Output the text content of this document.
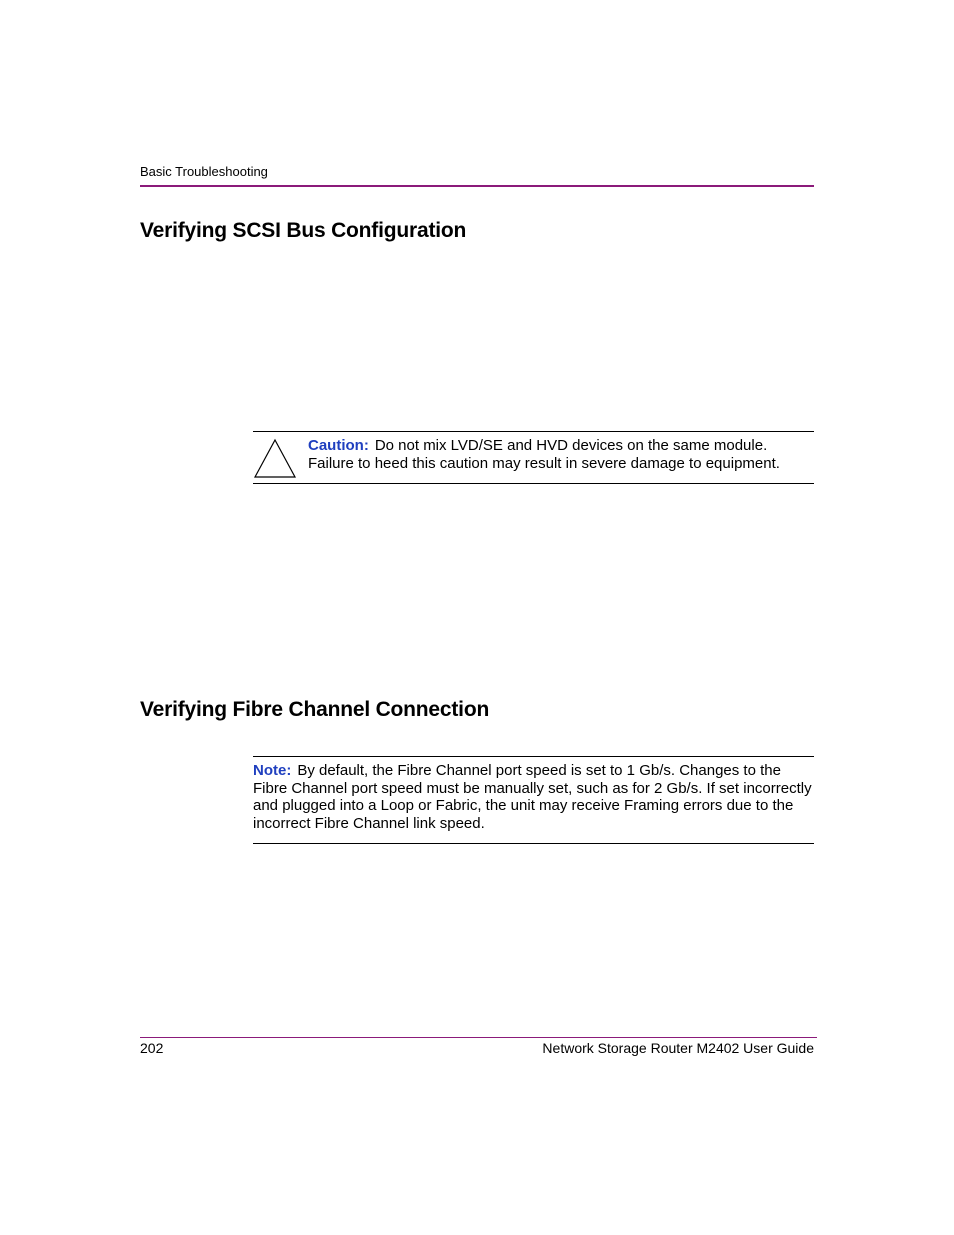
Basic Troubleshooting
Verifying SCSI Bus Configuration
Caution: Do not mix LVD/SE and HVD devices on the same module. Failure to heed this caution may result in severe damage to equipment.
Verifying Fibre Channel Connection
Note: By default, the Fibre Channel port speed is set to 1 Gb/s. Changes to the Fibre Channel port speed must be manually set, such as for 2 Gb/s. If set incorrectly and plugged into a Loop or Fabric, the unit may receive Framing errors due to the incorrect Fibre Channel link speed.
202	Network Storage Router M2402 User Guide
